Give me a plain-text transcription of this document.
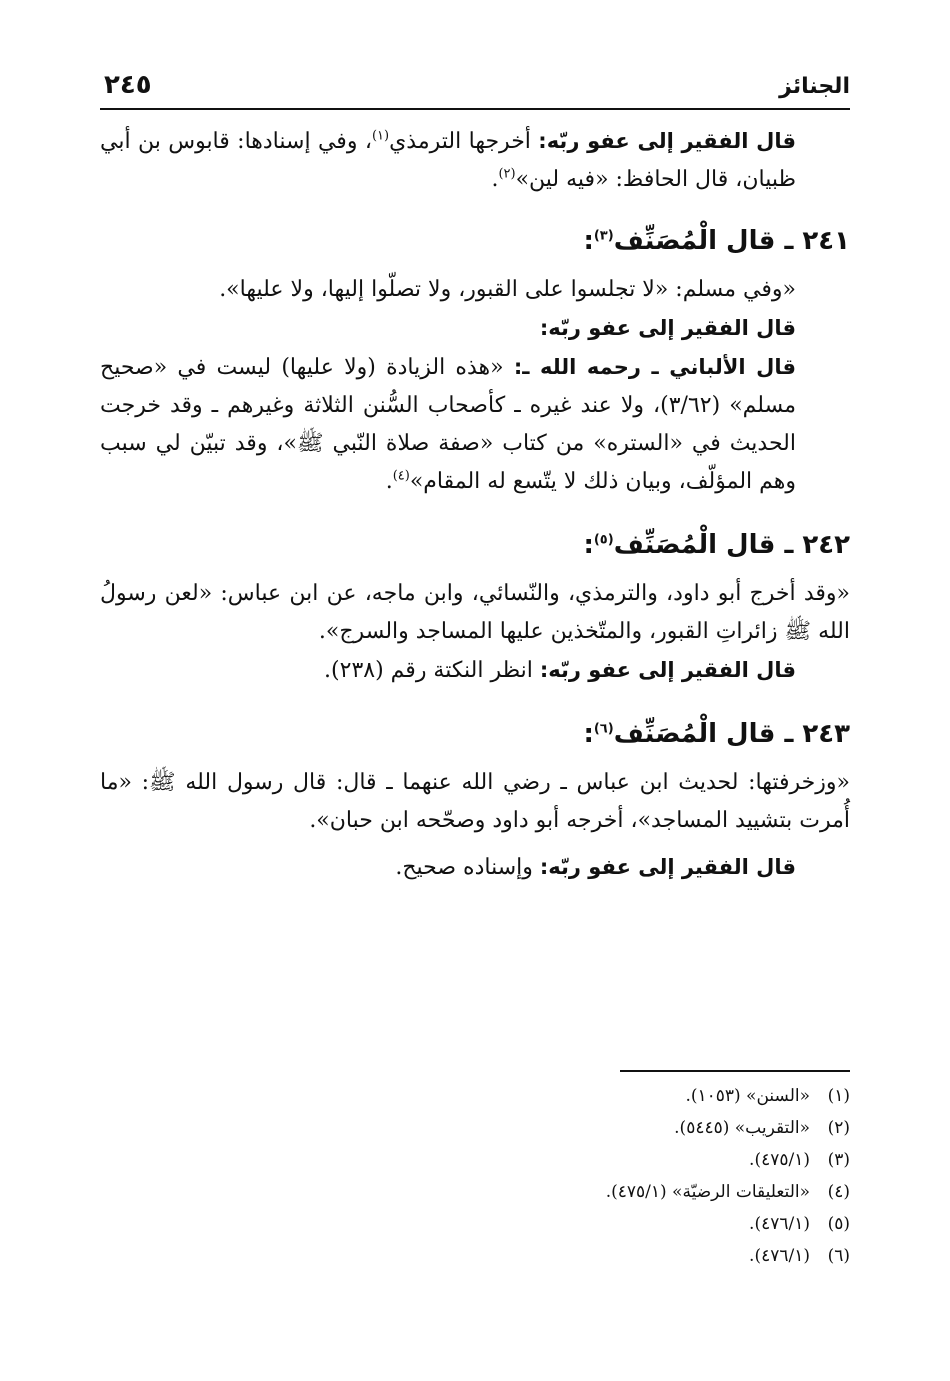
الجنائز
٢٤٥

قال الفقير إلى عفو ربّه: أخرجها الترمذي$^{(١)}$، وفي إسنادها: قابوس بن أبي ظبيان، قال الحافظ: «فيه لين»$^{(٢)}$.

٢٤١ ـ قال الْمُصَنِّف$^{(٣)}$:

«وفي مسلم: «لا تجلسوا على القبور، ولا تصلّوا إليها، ولا عليها».

قال الفقير إلى عفو ربّه:

قال الألباني ـ رحمه الله ـ: «هذه الزيادة (ولا عليها) ليست في «صحيح مسلم» (٣/٦٢)، ولا عند غيره ـ كأصحاب السُّنن الثلاثة وغيرهم ـ وقد خرجت الحديث في «الستره» من كتاب «صفة صلاة النّبي ﷺ»، وقد تبيّن لي سبب وهم المؤلّف، وبيان ذلك لا يتّسع له المقام»$^{(٤)}$.

٢٤٢ ـ قال الْمُصَنِّف$^{(٥)}$:

«وقد أخرج أبو داود، والترمذي، والنّسائي، وابن ماجه، عن ابن عباس: «لعن رسولُ الله ﷺ زائراتِ القبور، والمتّخذين عليها المساجد والسرج».

قال الفقير إلى عفو ربّه: انظر النكتة رقم (٢٣٨).

٢٤٣ ـ قال الْمُصَنِّف$^{(٦)}$:

«وزخرفتها: لحديث ابن عباس ـ رضي الله عنهما ـ قال: قال رسول الله ﷺ: «ما أُمرت بتشييد المساجد»، أخرجه أبو داود وصحّحه ابن حبان».

قال الفقير إلى عفو ربّه: وإسناده صحيح.

(١)«السنن» (١٠٥٣).
(٢)«التقريب» (٥٤٤٥).
(٣)(٤٧٥/١).
(٤)«التعليقات الرضيّة» (٤٧٥/١).
(٥)(٤٧٦/١).
(٦)(٤٧٦/١).
